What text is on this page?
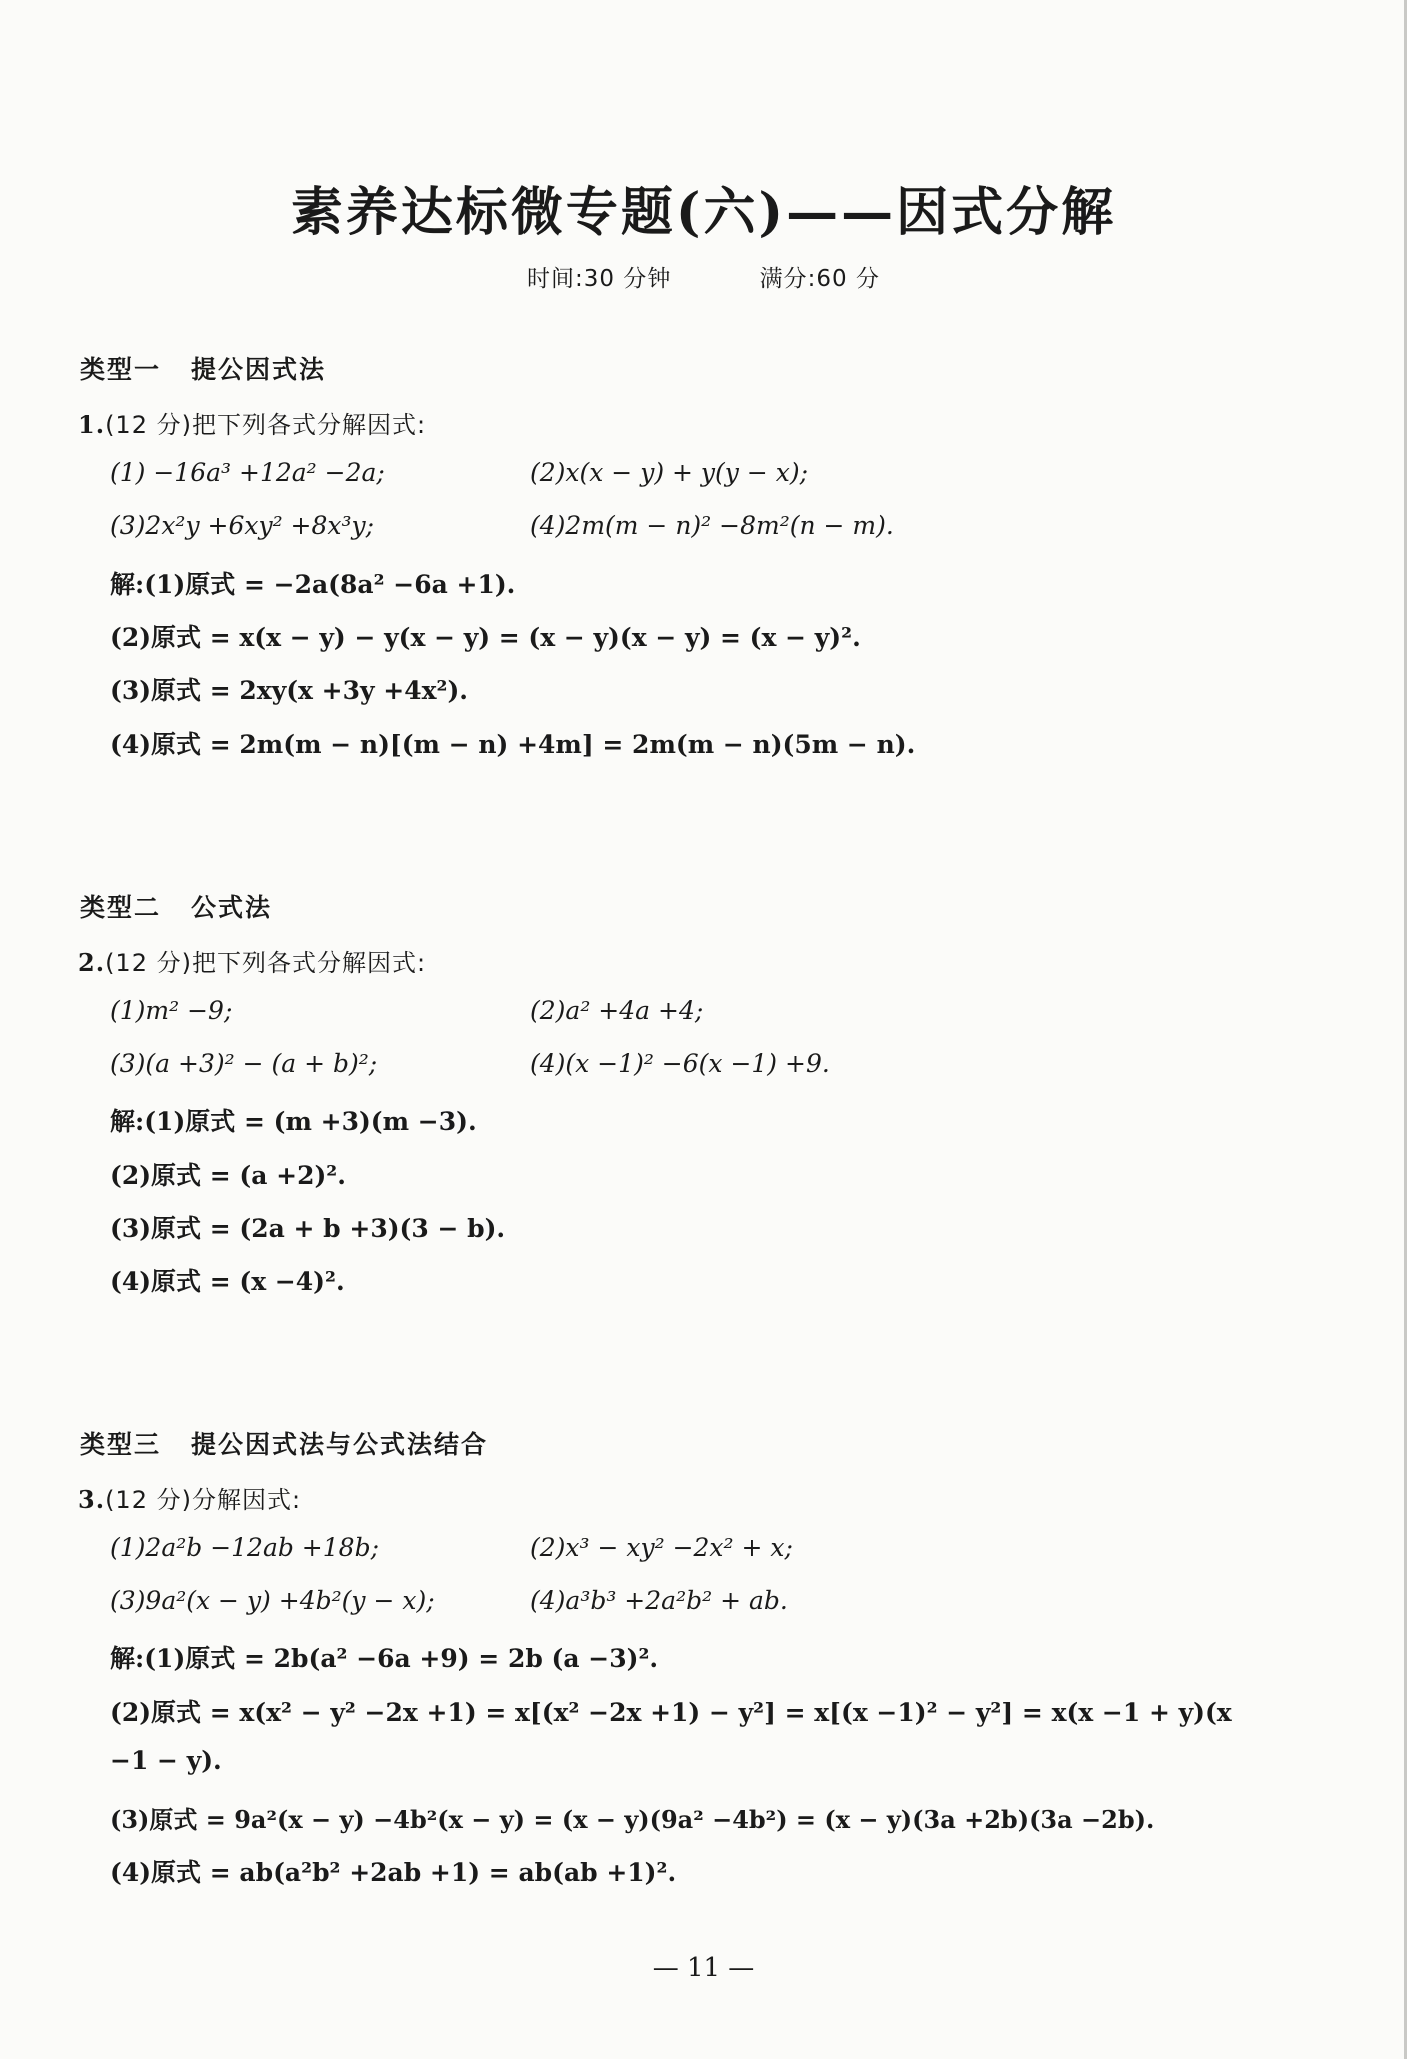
素养达标微专题(六)——因式分解
时间:30 分钟	满分:60 分
类型一 提公因式法
1.(12 分)把下列各式分解因式:
(1) −16a³ +12a² −2a;	(2)x(x − y) + y(y − x);
(3)2x²y +6xy² +8x³y;	(4)2m(m − n)² −8m²(n − m).
解:(1)原式 = −2a(8a² −6a +1).
(2)原式 = x(x − y) − y(x − y) = (x − y)(x − y) = (x − y)².
(3)原式 = 2xy(x +3y +4x²).
(4)原式 = 2m(m − n)[(m − n) +4m] = 2m(m − n)(5m − n).
类型二 公式法
2.(12 分)把下列各式分解因式:
(1)m² −9;	(2)a² +4a +4;
(3)(a +3)² − (a + b)²;	(4)(x −1)² −6(x −1) +9.
解:(1)原式 = (m +3)(m −3).
(2)原式 = (a +2)².
(3)原式 = (2a + b +3)(3 − b).
(4)原式 = (x −4)².
类型三 提公因式法与公式法结合
3.(12 分)分解因式:
(1)2a²b −12ab +18b;	(2)x³ − xy² −2x² + x;
(3)9a²(x − y) +4b²(y − x);	(4)a³b³ +2a²b² + ab.
解:(1)原式 = 2b(a² −6a +9) = 2b (a −3)².
(2)原式 = x(x² − y² −2x +1) = x[(x² −2x +1) − y²] = x[(x −1)² − y²] = x(x −1 + y)(x
−1 − y).
(3)原式 = 9a²(x − y) −4b²(x − y) = (x − y)(9a² −4b²) = (x − y)(3a +2b)(3a −2b).
(4)原式 = ab(a²b² +2ab +1) = ab(ab +1)².
— 11 —
